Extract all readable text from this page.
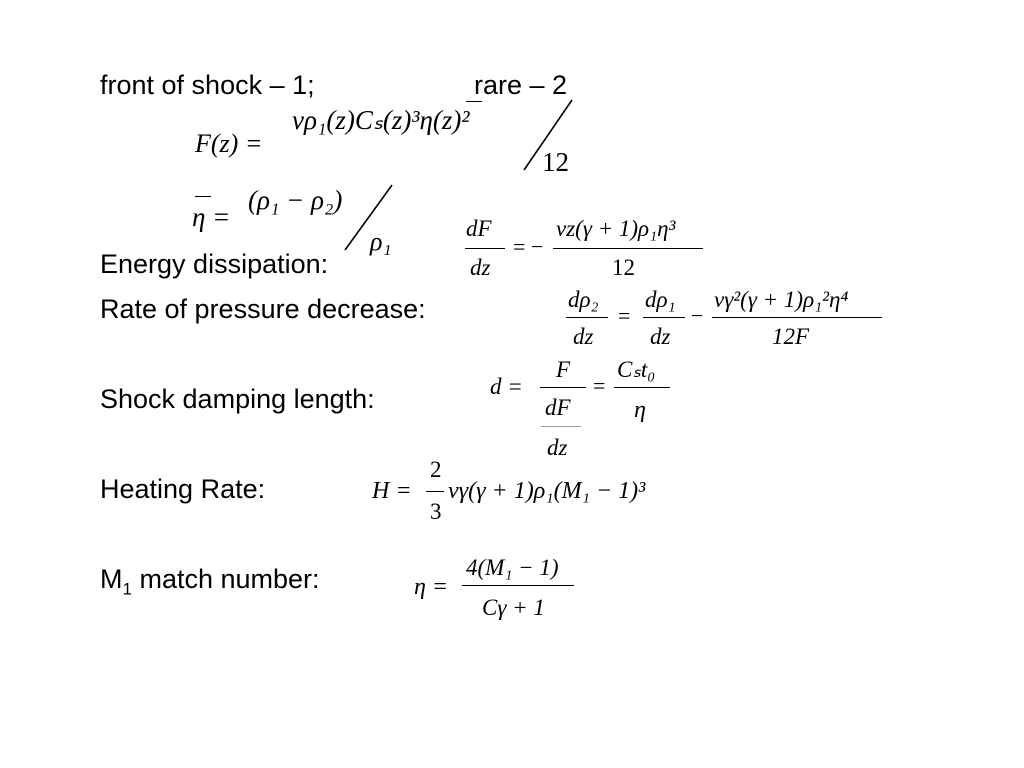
front of shock – 1;	rare – 2
Energy dissipation:
Rate of pressure decrease:
Shock damping length:
Heating Rate:
$M_1$ match number:
F(z) =
νρ₁(z)Cₛ(z)³η(z)²
12
η =
(ρ₁ − ρ₂)
ρ₁	dF
dz
= −
νz(γ + 1)ρ₁η³
12
dρ₂
dz
=
dρ₁
dz
−
νγ²(γ + 1)ρ₁²η⁴
12F
d =
F
dF
dz
=
Cₛt₀
η
H =
2
3
νγ(γ + 1)ρ₁(M₁ − 1)³
η =
4(M₁ − 1)
Cγ + 1
